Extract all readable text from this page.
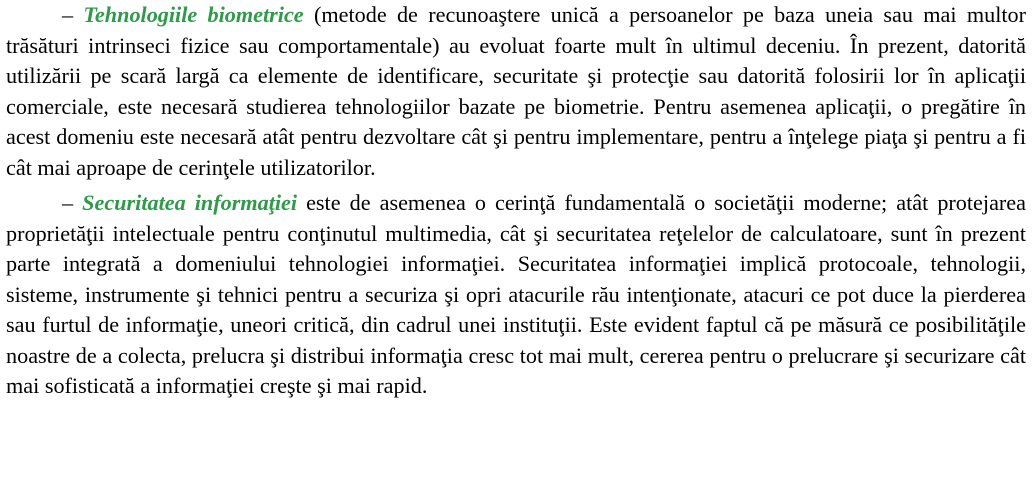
– Tehnologiile biometrice (metode de recunoaştere unică a persoanelor pe baza uneia sau mai multor trăsături intrinseci fizice sau comportamentale) au evoluat foarte mult în ultimul deceniu. În prezent, datorită utilizării pe scară largă ca elemente de identificare, securitate şi protecţie sau datorită folosirii lor în aplicaţii comerciale, este necesară studierea tehnologiilor bazate pe biometrie. Pentru asemenea aplicaţii, o pregătire în acest domeniu este necesară atât pentru dezvoltare cât şi pentru implementare, pentru a înţelege piaţa şi pentru a fi cât mai aproape de cerinţele utilizatorilor.

– Securitatea informaţiei este de asemenea o cerinţă fundamentală o societăţii moderne; atât protejarea proprietăţii intelectuale pentru conţinutul multimedia, cât şi securitatea reţelelor de calculatoare, sunt în prezent parte integrată a domeniului tehnologiei informaţiei. Securitatea informaţiei implică protocoale, tehnologii, sisteme, instrumente şi tehnici pentru a securiza şi opri atacurile rău intenţionate, atacuri ce pot duce la pierderea sau furtul de informaţie, uneori critică, din cadrul unei instituţii. Este evident faptul că pe măsură ce posibilităţile noastre de a colecta, prelucra şi distribui informaţia cresc tot mai mult, cererea pentru o prelucrare şi securizare cât mai sofisticată a informaţiei creşte şi mai rapid.
